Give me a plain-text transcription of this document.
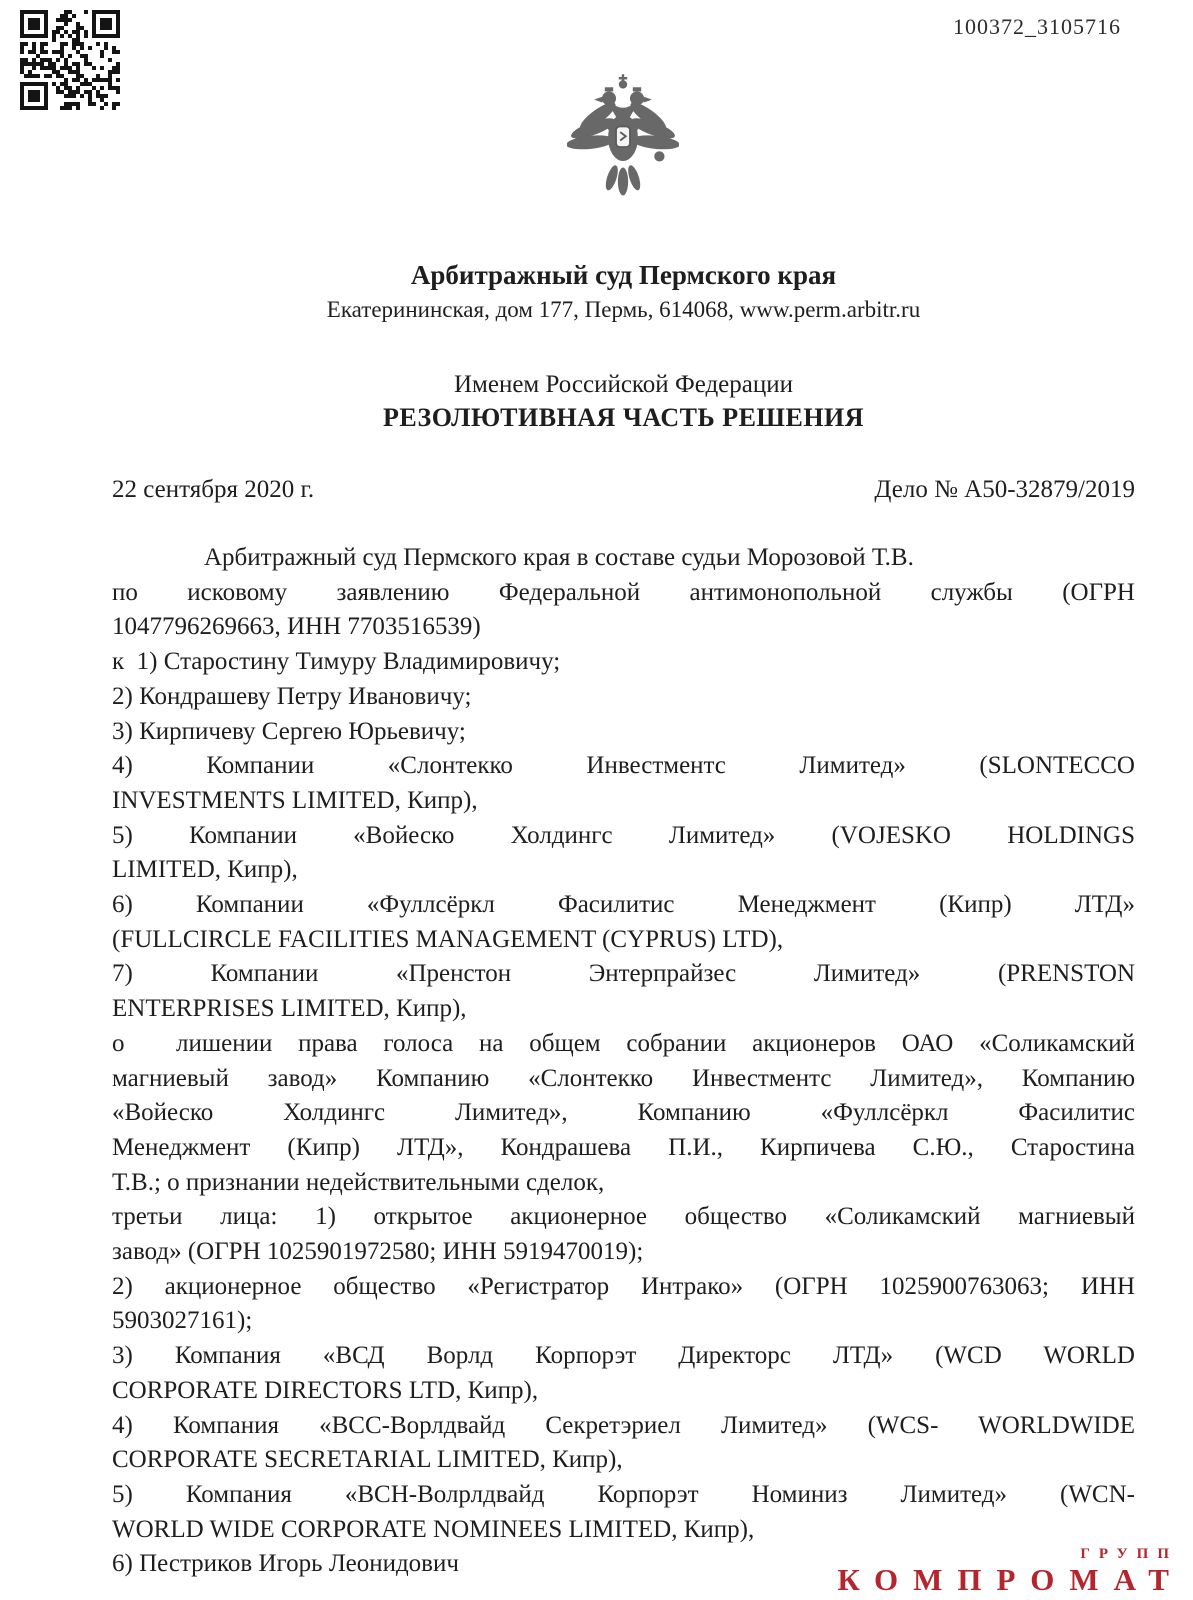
100372_3105716
Арбитражный суд Пермского края
Екатерининская, дом 177, Пермь, 614068, www.perm.arbitr.ru
Именем Российской Федерации
РЕЗОЛЮТИВНАЯ ЧАСТЬ РЕШЕНИЯ
22 сентября 2020 г.	Дело № А50-32879/2019
Арбитражный суд Пермского края в составе судьи Морозовой Т.В.
по исковому заявлению Федеральной антимонопольной службы (ОГРН
1047796269663, ИНН 7703516539)
к  1) Старостину Тимуру Владимировичу;
2) Кондрашеву Петру Ивановичу;
3) Кирпичеву Сергею Юрьевичу;
4) Компании «Слонтекко Инвестментс Лимитед» (SLONTECCO
INVESTMENTS LIMITED, Кипр),
5) Компании «Войеско Холдингс Лимитед» (VOJESKO HOLDINGS
LIMITED, Кипр),
6) Компании «Фуллсёркл Фасилитис Менеджмент (Кипр) ЛТД»
(FULLCIRCLE FACILITIES MANAGEMENT (CYPRUS) LTD),
7) Компании «Пренстон Энтерпрайзес Лимитед» (PRENSTON
ENTERPRISES LIMITED, Кипр),
о  лишении права голоса на общем собрании акционеров ОАО «Соликамский
магниевый завод» Компанию «Слонтекко Инвестментс Лимитед», Компанию
«Войеско Холдингс Лимитед», Компанию «Фуллсёркл Фасилитис
Менеджмент (Кипр) ЛТД», Кондрашева П.И., Кирпичева С.Ю., Старостина
Т.В.; о признании недействительными сделок,
третьи лица: 1) открытое акционерное общество «Соликамский магниевый
завод» (ОГРН 1025901972580; ИНН 5919470019);
2) акционерное общество «Регистратор Интрако» (ОГРН 1025900763063; ИНН
5903027161);
3) Компания «ВСД Ворлд Корпорэт Директорс ЛТД» (WCD WORLD
CORPORATE DIRECTORS LTD, Кипр),
4) Компания «ВСС-Ворлдвайд Секретэриел Лимитед» (WCS- WORLDWIDE
CORPORATE SECRETARIAL LIMITED, Кипр),
5) Компания «ВСН-Волрлдвайд Корпорэт Номиниз Лимитед» (WCN-
WORLD WIDE CORPORATE NOMINEES LIMITED, Кипр),
6) Пестриков Игорь Леонидович	ГРУПП
КОМПРОМАТ
